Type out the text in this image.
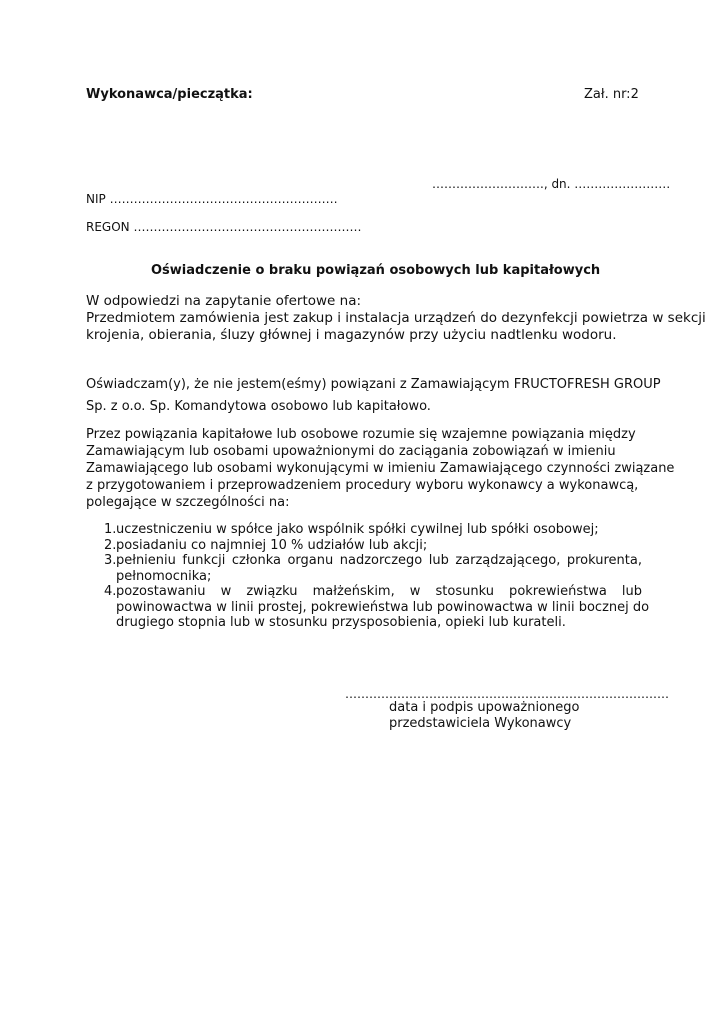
Wykonawca/pieczątka:	Zał. nr:2

………………………., dn. ……………………

NIP …………………………………………………

REGON …………………………………………………

Oświadczenie o braku powiązań osobowych lub kapitałowych

W odpowiedzi na zapytanie ofertowe na:
Przedmiotem zamówienia jest zakup i instalacja urządzeń do dezynfekcji powietrza w sekcji
krojenia, obierania, śluzy głównej i magazynów przy użyciu nadtlenku wodoru.
Oświadczam(y), że nie jestem(eśmy) powiązani z Zamawiającym FRUCTOFRESH GROUP
Sp. z o.o. Sp. Komandytowa osobowo lub kapitałowo.
Przez powiązania kapitałowe lub osobowe rozumie się wzajemne powiązania między
Zamawiającym lub osobami upoważnionymi do zaciągania zobowiązań w imieniu
Zamawiającego lub osobami wykonującymi w imieniu Zamawiającego czynności związane
z przygotowaniem i przeprowadzeniem procedury wyboru wykonawcy a wykonawcą,
polegające w szczególności na:
1. uczestniczeniu w spółce jako wspólnik spółki cywilnej lub spółki osobowej;
2. posiadaniu co najmniej 10 % udziałów lub akcji;
3. pełnieniu funkcji członka organu nadzorczego lub zarządzającego, prokurenta,
pełnomocnika;
4. pozostawaniu w związku małżeńskim, w stosunku pokrewieństwa lub
powinowactwa w linii prostej, pokrewieństwa lub powinowactwa w linii bocznej do
drugiego stopnia lub w stosunku przysposobienia, opieki lub kurateli.

………………………………………………………………………

data i podpis upoważnionego
przedstawiciela Wykonawcy
